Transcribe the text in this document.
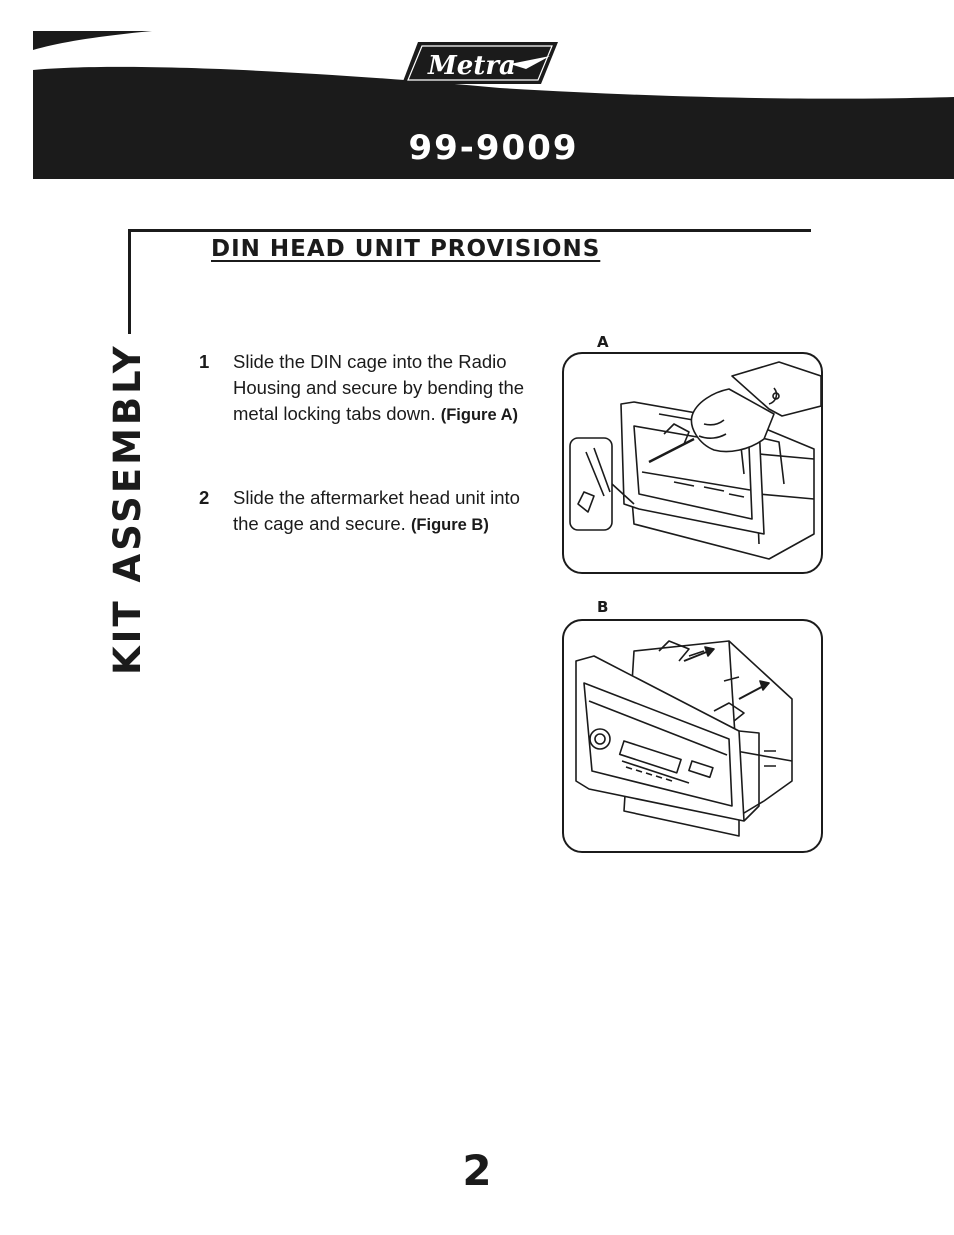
Metra
99-9009
DIN HEAD UNIT PROVISIONS
KIT ASSEMBLY	1 Slide the DIN cage into the Radio Housing and secure by bending the metal locking tabs down. (Figure A)
2 Slide the aftermarket head unit into the cage and secure. (Figure B)
A
B
2
